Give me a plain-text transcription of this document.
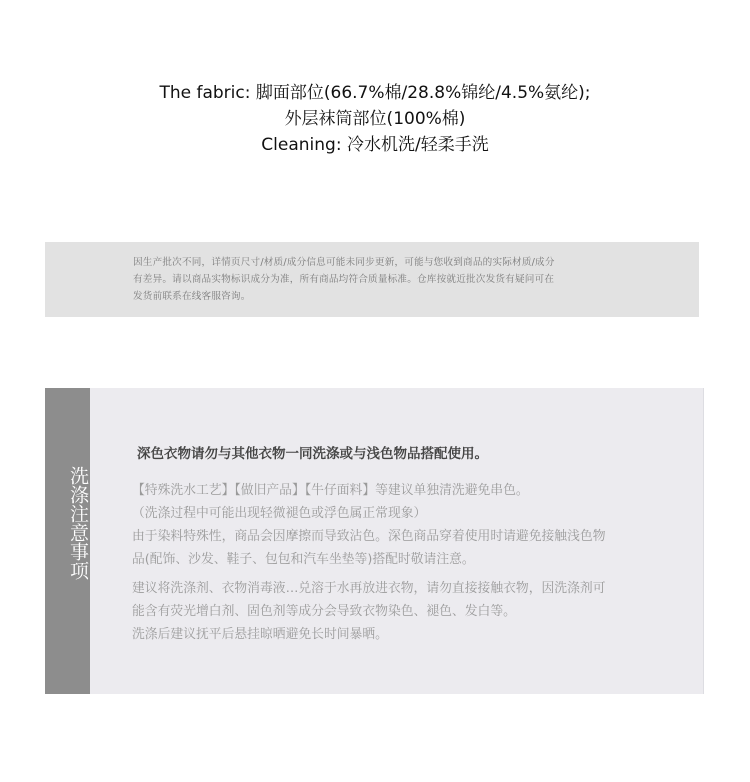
The fabric: 脚面部位(66.7%棉/28.8%锦纶/4.5%氨纶);
外层袜筒部位(100%棉)
Cleaning: 冷水机洗/轻柔手洗
因生产批次不同，详情页尺寸/材质/成分信息可能未同步更新，可能与您收到商品的实际材质/成分
有差异。请以商品实物标识成分为准，所有商品均符合质量标准。仓库按就近批次发货有疑问可在
发货前联系在线客服咨询。
洗涤注意事项
深色衣物请勿与其他衣物一同洗涤或与浅色物品搭配使用。
【特殊洗水工艺】【做旧产品】【牛仔面料】等建议单独清洗避免串色。
（洗涤过程中可能出现轻微褪色或浮色属正常现象）
由于染料特殊性，商品会因摩擦而导致沾色。深色商品穿着使用时请避免接触浅色物
品(配饰、沙发、鞋子、包包和汽车坐垫等)搭配时敬请注意。
建议将洗涤剂、衣物消毒液…兑溶于水再放进衣物，请勿直接接触衣物，因洗涤剂可
能含有荧光增白剂、固色剂等成分会导致衣物染色、褪色、发白等。
洗涤后建议抚平后悬挂晾晒避免长时间暴晒。
